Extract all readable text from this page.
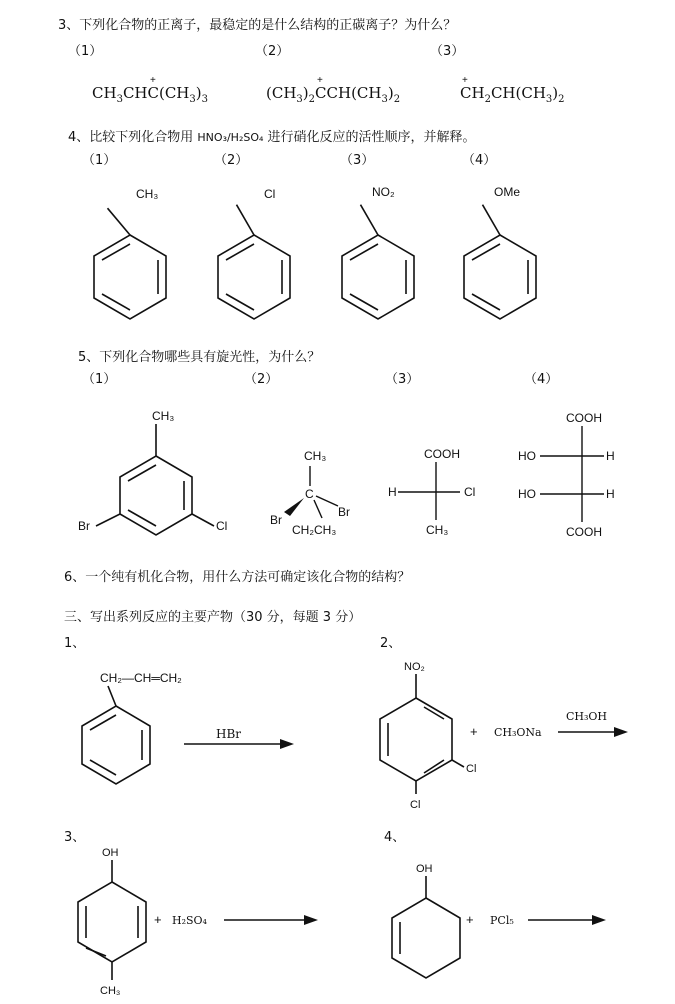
3、下列化合物的正离子，最稳定的是什么结构的正碳离子？为什么？
（1）	（2）	（3）
$CH_3CHC(CH_3)_3$
+
$(CH_3)_2CCH(CH_3)_2$
+
$CH_2CH(CH_3)_2$
+
4、比较下列化合物用 HNO₃/H₂SO₄ 进行硝化反应的活性顺序，并解释。
（1）	（2）	（3）	（4）
CH₃	Cl	NO₂	OMe
5、下列化合物哪些具有旋光性，为什么？
（1）	（2）	（3）	（4）
CH₃
Br	Cl
CH₃
C
Br
Br
CH₂CH₃
COOH
H	Cl
CH₃
COOH
HO	H
HO	H
COOH
6、一个纯有机化合物，用什么方法可确定该化合物的结构？
三、写出系列反应的主要产物（30 分，每题 3 分）
1、
CH₂—CH═CH₂
HBr
2、
NO₂
Cl
Cl
+ CH₃ONa
CH₃OH
3、
OH
CH₃
+ H₂SO₄
4、
OH
+ PCl₅
